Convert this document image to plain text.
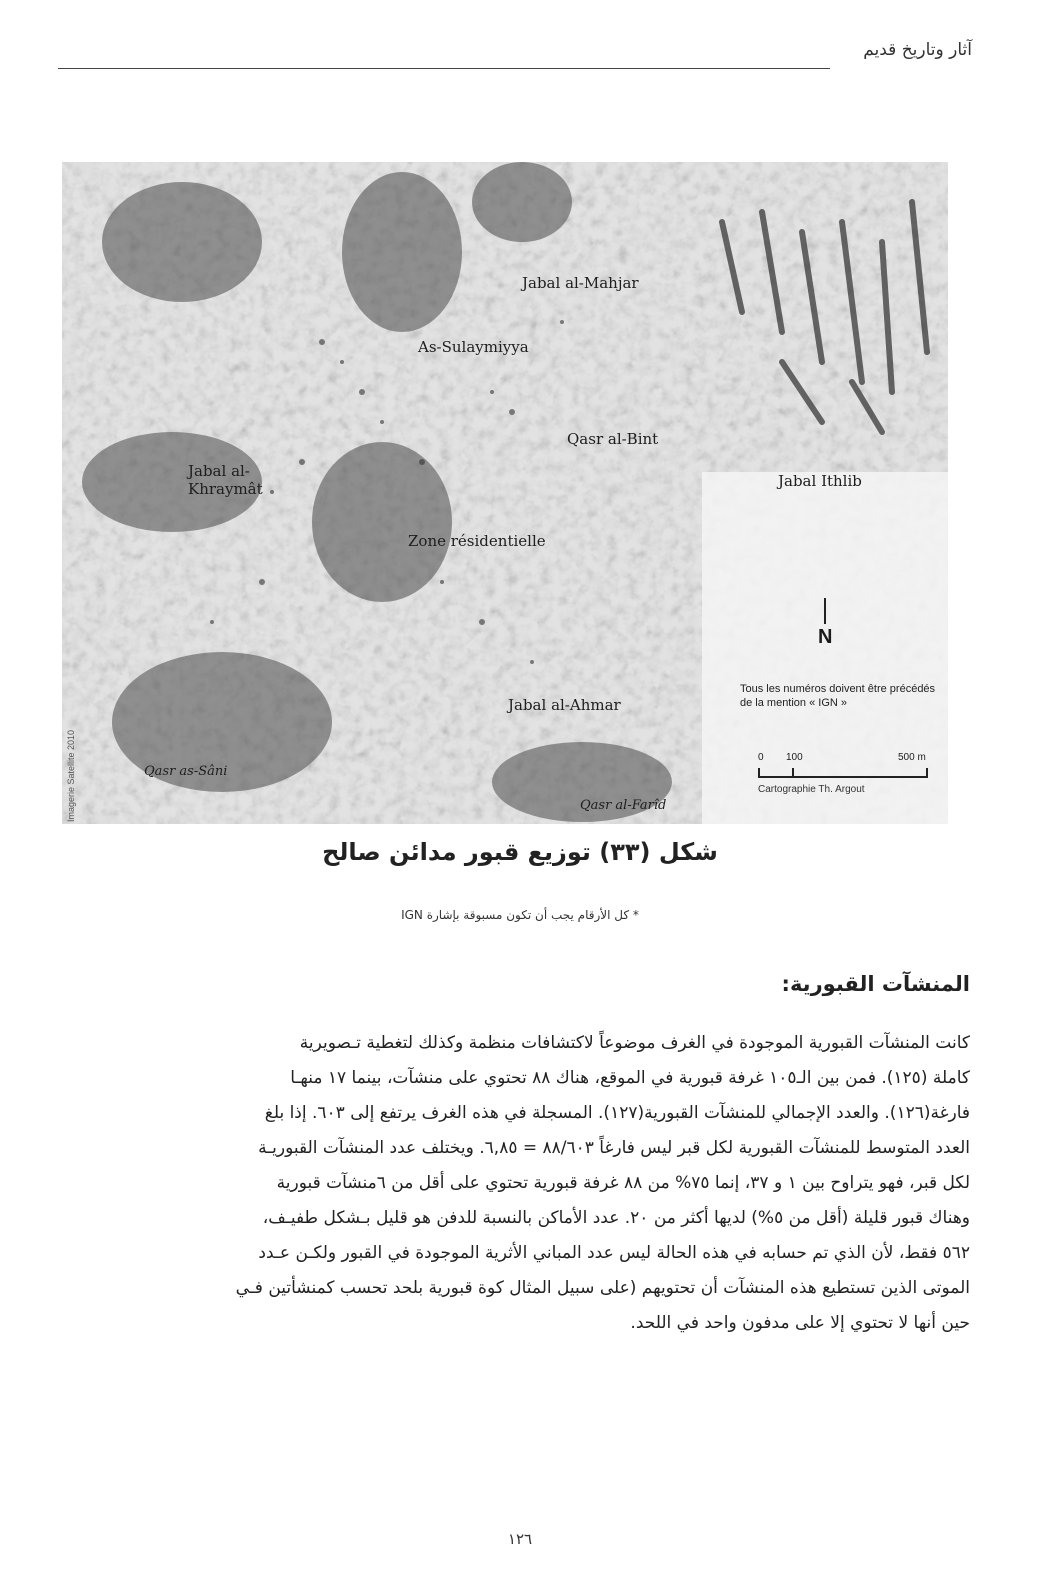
آثار وتاريخ قديم
Jabal al-Mahjar
As-Sulaymiyya
Qasr al-Bint
Jabal al-
Khraymât	Jabal Ithlib
Zone résidentielle
Jabal al-Ahmar
Qasr as-Sâni
Qasr al-Farîd
N
Tous les numéros doivent être précédés de la mention « IGN »
0 100	500 m
Cartographie Th. Argout
Imagerie Satellite 2010
شكل (٣٣) توزيع قبور مدائن صالح
* كل الأرقام يجب أن تكون مسبوقة بإشارة IGN
المنشآت القبورية:
كانت المنشآت القبورية الموجودة في الغرف موضوعاً لاكتشافات منظمة وكذلك لتغطية تـصويرية
كاملة (١٢٥). فمن بين الـ١٠٥ غرفة قبورية في الموقع، هناك ٨٨ تحتوي على منشآت، بينما ١٧ منهـا
فارغة(١٢٦). والعدد الإجمالي للمنشآت القبورية(١٢٧). المسجلة في هذه الغرف يرتفع إلى ٦٠٣. إذا بلغ
العدد المتوسط للمنشآت القبورية لكل قبر ليس فارغاً ٨٨/٦٠٣ = ٦,٨٥. ويختلف عدد المنشآت القبوريـة
لكل قبر، فهو يتراوح بين ١ و ٣٧، إنما ٧٥% من ٨٨ غرفة قبورية تحتوي على أقل من ٦منشآت قبورية
وهناك قبور قليلة (أقل من ٥%) لديها أكثر من ٢٠. عدد الأماكن بالنسبة للدفن هو قليل بـشكل طفيـف،
٥٦٢ فقط، لأن الذي تم حسابه في هذه الحالة ليس عدد المباني الأثرية الموجودة في القبور ولكـن عـدد
الموتى الذين تستطيع هذه المنشآت أن تحتويهم (على سبيل المثال كوة قبورية بلحد تحسب كمنشأتين فـي
حين أنها لا تحتوي إلا على مدفون واحد في اللحد.
١٢٦
